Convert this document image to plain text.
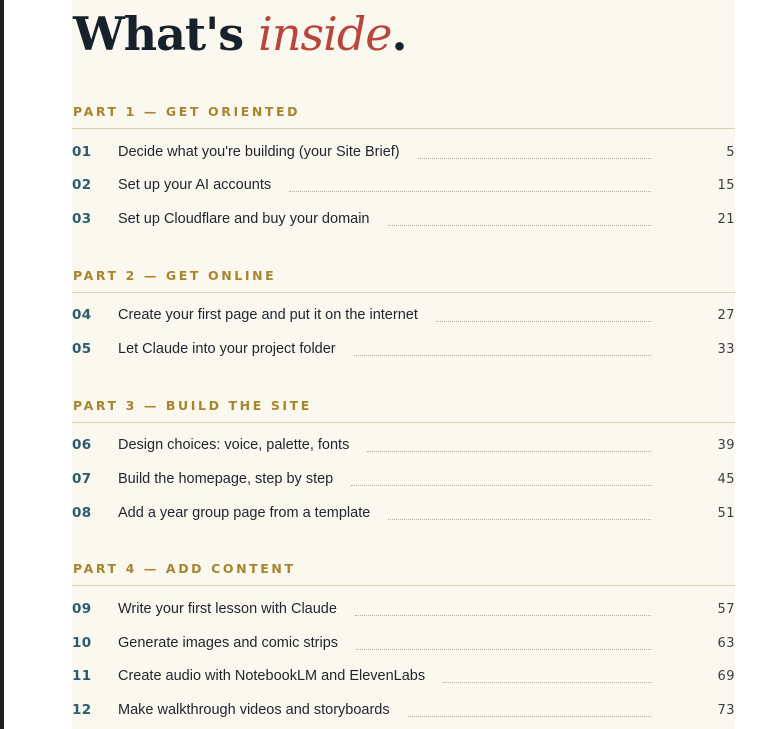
What's inside.
PART 1 — GET ORIENTED
01	Decide what you're building (your Site Brief)	5
02	Set up your AI accounts	15
03	Set up Cloudflare and buy your domain	21
PART 2 — GET ONLINE
04	Create your first page and put it on the internet	27
05	Let Claude into your project folder	33
PART 3 — BUILD THE SITE
06	Design choices: voice, palette, fonts	39
07	Build the homepage, step by step	45
08	Add a year group page from a template	51
PART 4 — ADD CONTENT
09	Write your first lesson with Claude	57
10	Generate images and comic strips	63
11	Create audio with NotebookLM and ElevenLabs	69
12	Make walkthrough videos and storyboards	73
